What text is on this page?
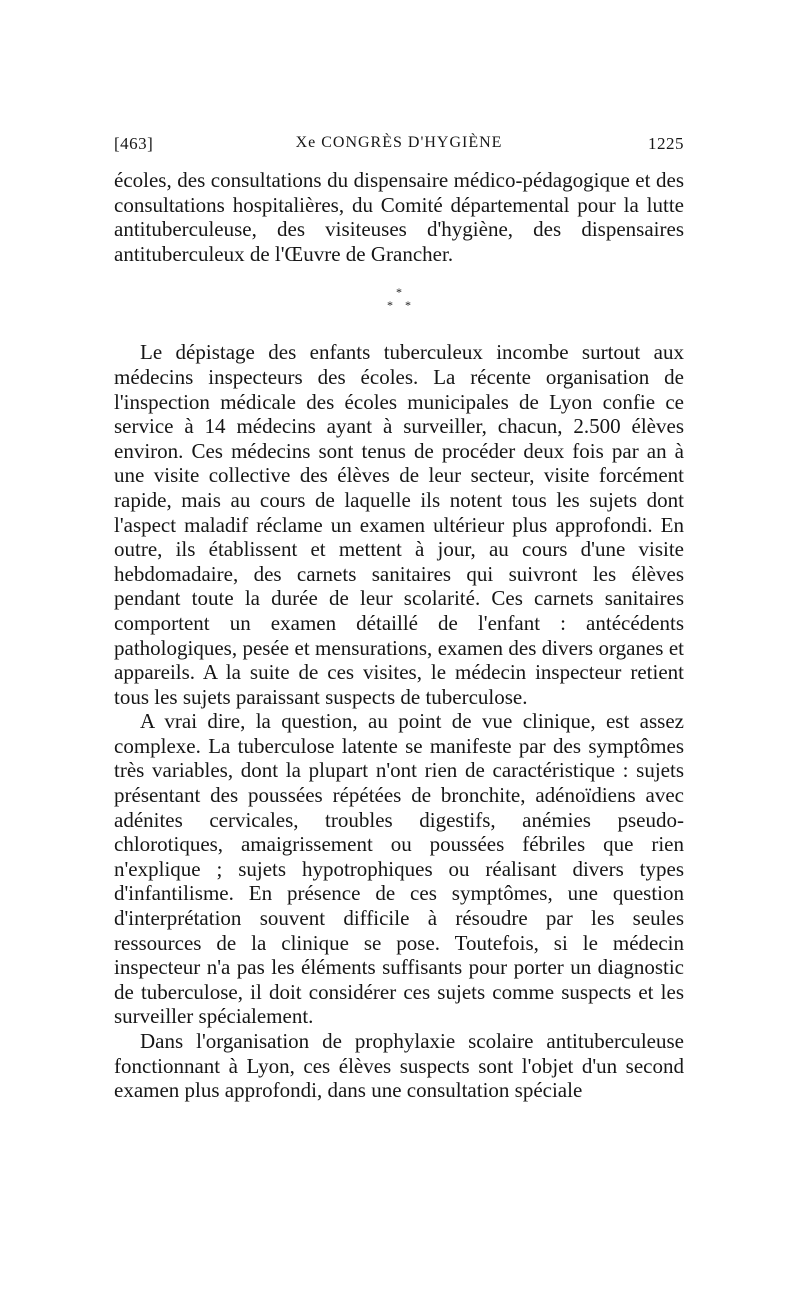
[463]	Xe CONGRÈS D'HYGIÈNE	1225

écoles, des consultations du dispensaire médico-pédagogique et des consultations hospitalières, du Comité départemental pour la lutte antituberculeuse, des visiteuses d'hygiène, des dispensaires antituberculeux de l'Œuvre de Grancher.

*
**

Le dépistage des enfants tuberculeux incombe surtout aux médecins inspecteurs des écoles. La récente organisation de l'inspection médicale des écoles municipales de Lyon confie ce service à 14 médecins ayant à surveiller, chacun, 2.500 élèves environ. Ces médecins sont tenus de procéder deux fois par an à une visite collective des élèves de leur secteur, visite forcément rapide, mais au cours de laquelle ils notent tous les sujets dont l'aspect maladif réclame un examen ultérieur plus approfondi. En outre, ils établissent et mettent à jour, au cours d'une visite hebdomadaire, des carnets sanitaires qui suivront les élèves pendant toute la durée de leur scolarité. Ces carnets sanitaires comportent un examen détaillé de l'enfant : antécédents pathologiques, pesée et mensurations, examen des divers organes et appareils. A la suite de ces visites, le médecin inspecteur retient tous les sujets paraissant suspects de tuberculose.

A vrai dire, la question, au point de vue clinique, est assez complexe. La tuberculose latente se manifeste par des symptômes très variables, dont la plupart n'ont rien de caractéristique : sujets présentant des poussées répétées de bronchite, adénoïdiens avec adénites cervicales, troubles digestifs, anémies pseudo-chlorotiques, amaigrissement ou poussées fébriles que rien n'explique ; sujets hypotrophiques ou réalisant divers types d'infantilisme. En présence de ces symptômes, une question d'interprétation souvent difficile à résoudre par les seules ressources de la clinique se pose. Toutefois, si le médecin inspecteur n'a pas les éléments suffisants pour porter un diagnostic de tuberculose, il doit considérer ces sujets comme suspects et les surveiller spécialement.

Dans l'organisation de prophylaxie scolaire antituberculeuse fonctionnant à Lyon, ces élèves suspects sont l'objet d'un second examen plus approfondi, dans une consultation spéciale
